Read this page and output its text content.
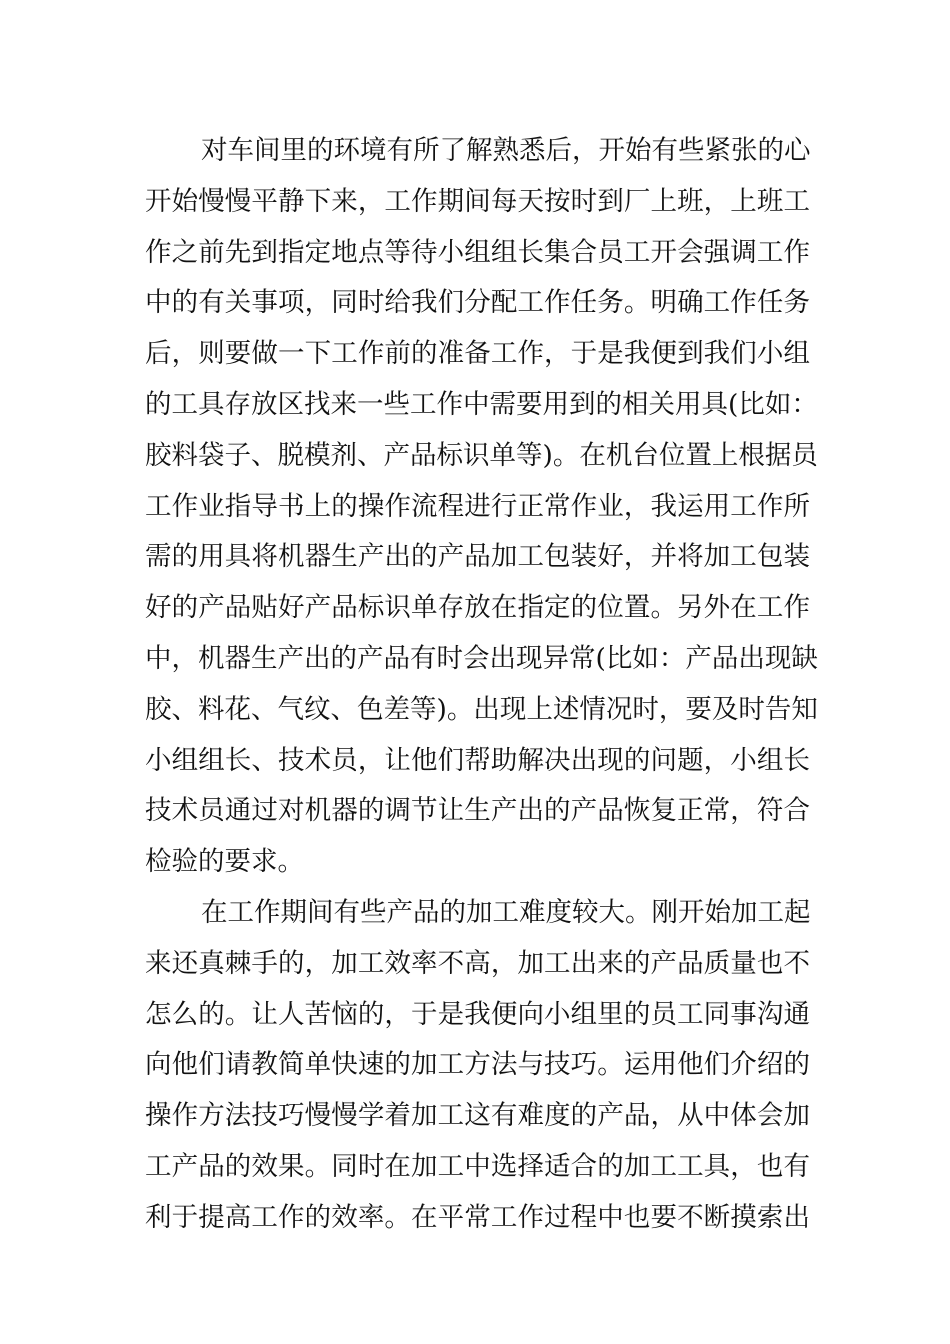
对车间里的环境有所了解熟悉后，开始有些紧张的心
开始慢慢平静下来，工作期间每天按时到厂上班，上班工
作之前先到指定地点等待小组组长集合员工开会强调工作
中的有关事项，同时给我们分配工作任务。明确工作任务
后，则要做一下工作前的准备工作，于是我便到我们小组
的工具存放区找来一些工作中需要用到的相关用具(比如：
胶料袋子、脱模剂、产品标识单等)。在机台位置上根据员
工作业指导书上的操作流程进行正常作业，我运用工作所
需的用具将机器生产出的产品加工包装好，并将加工包装
好的产品贴好产品标识单存放在指定的位置。另外在工作
中，机器生产出的产品有时会出现异常(比如：产品出现缺
胶、料花、气纹、色差等)。出现上述情况时，要及时告知
小组组长、技术员，让他们帮助解决出现的问题，小组长
技术员通过对机器的调节让生产出的产品恢复正常，符合
检验的要求。
在工作期间有些产品的加工难度较大。刚开始加工起
来还真棘手的，加工效率不高，加工出来的产品质量也不
怎么的。让人苦恼的，于是我便向小组里的员工同事沟通
向他们请教简单快速的加工方法与技巧。运用他们介绍的
操作方法技巧慢慢学着加工这有难度的产品，从中体会加
工产品的效果。同时在加工中选择适合的加工工具，也有
利于提高工作的效率。在平常工作过程中也要不断摸索出
